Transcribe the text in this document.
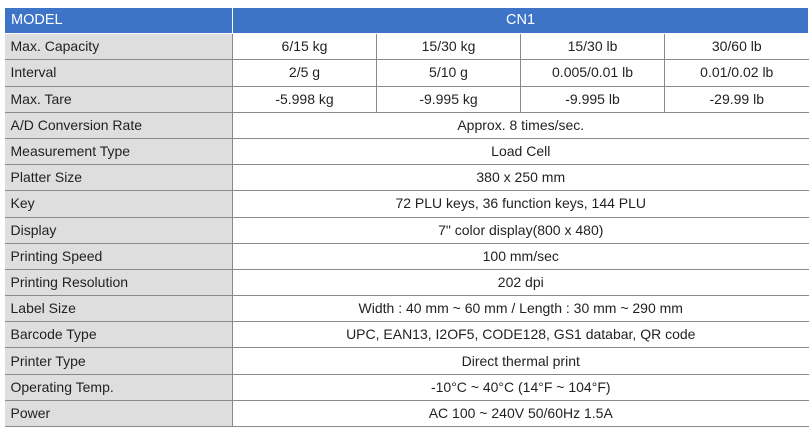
MODEL	CN1			
Max. Capacity	6/15 kg	15/30 kg	15/30 lb	30/60 lb
Interval	2/5 g	5/10 g	0.005/0.01 lb	0.01/0.02 lb
Max. Tare	-5.998 kg	-9.995 kg	-9.995 lb	-29.99 lb
A/D Conversion Rate	Approx. 8 times/sec.			
Measurement Type	Load Cell			
Platter Size	380 x 250 mm			
Key	72 PLU keys, 36 function keys, 144 PLU			
Display	7" color display(800 x 480)			
Printing Speed	100 mm/sec			
Printing Resolution	202 dpi			
Label Size	Width : 40 mm ~ 60 mm / Length : 30 mm ~ 290 mm			
Barcode Type	UPC, EAN13, I2OF5, CODE128, GS1 databar, QR code			
Printer Type	Direct thermal print			
Operating Temp.	-10°C ~ 40°C (14°F ~ 104°F)			
Power	AC 100 ~ 240V 50/60Hz 1.5A			
